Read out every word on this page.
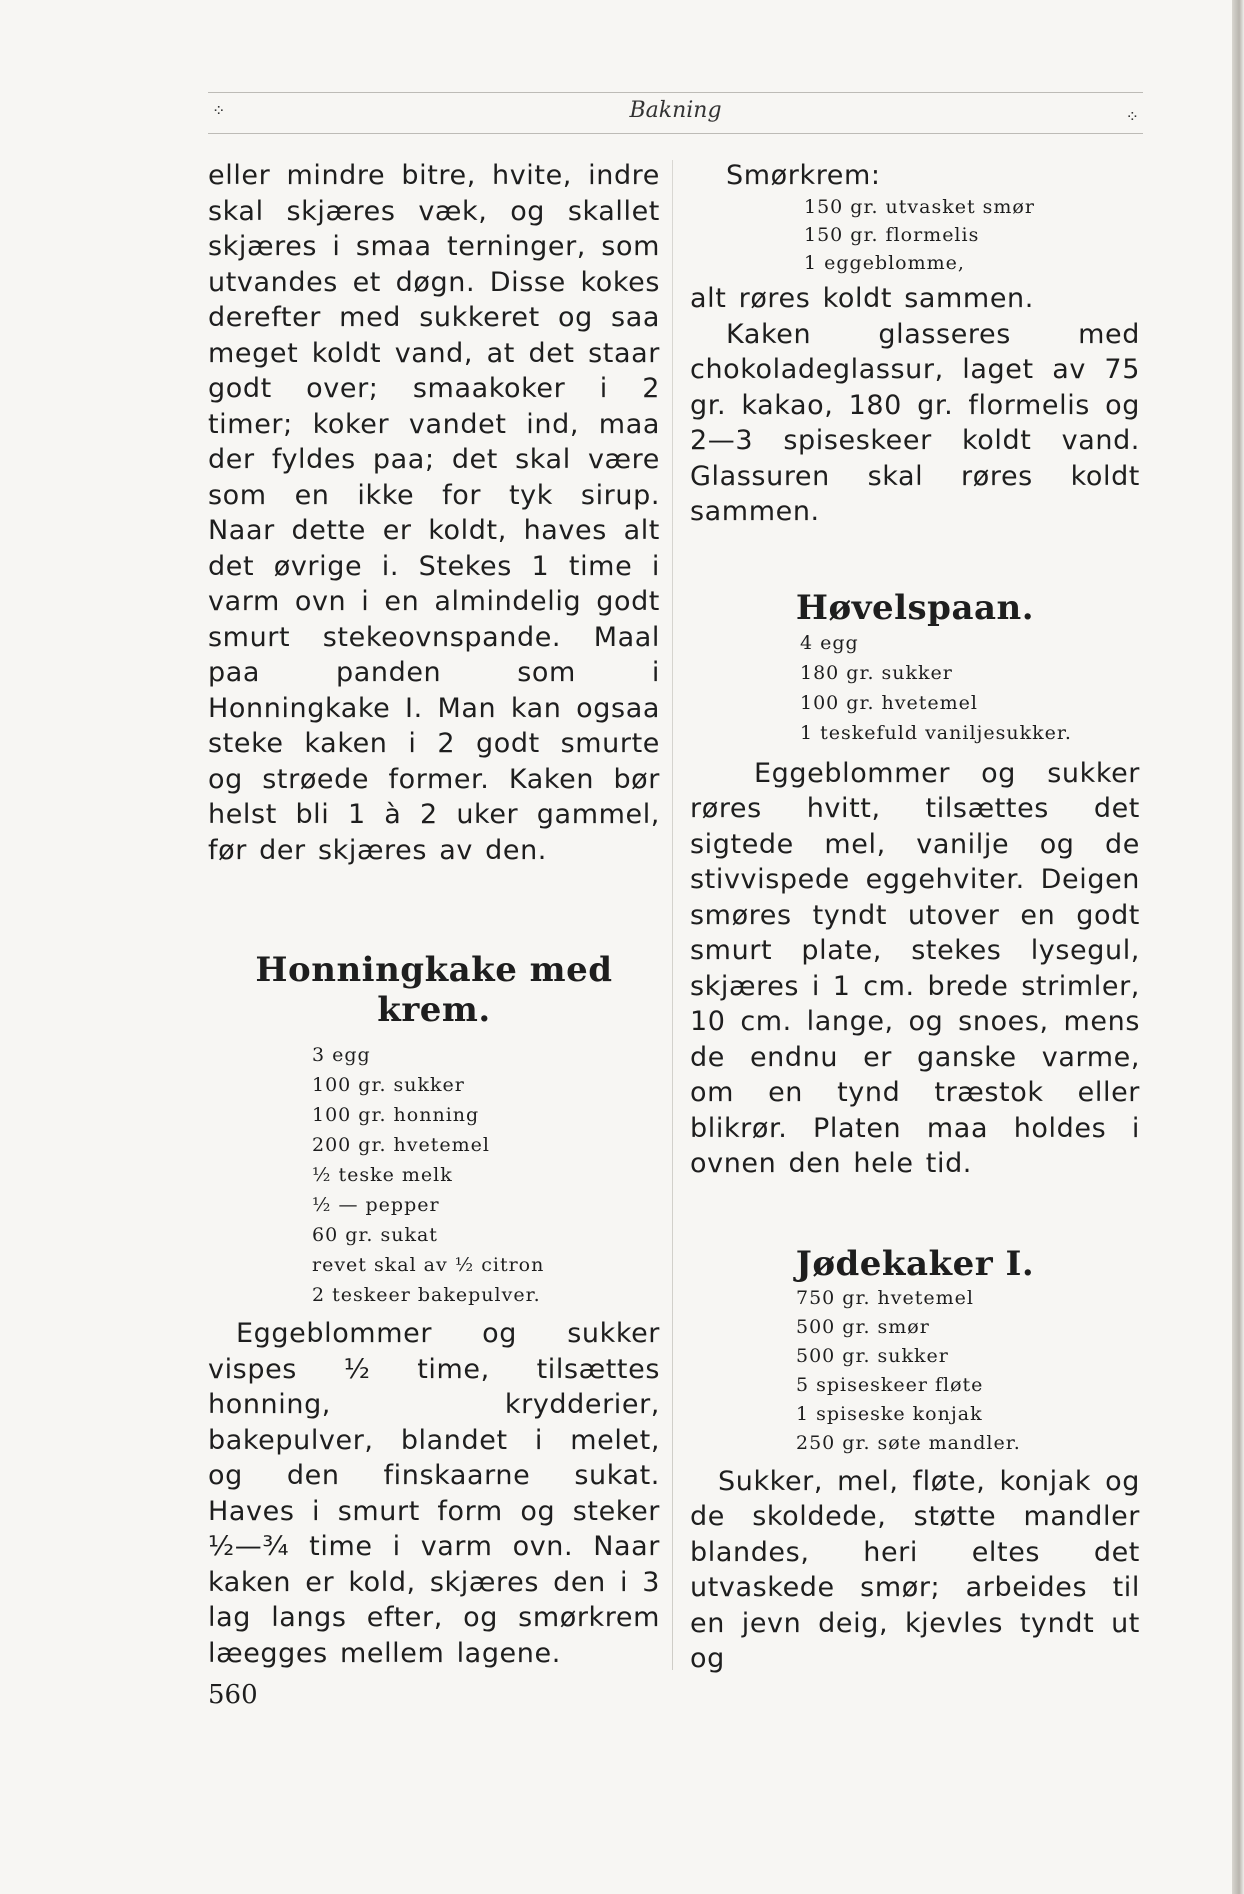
⁘	Bakning	⁘

eller mindre bitre, hvite, indre skal skjæres væk, og skallet skjæres i smaa terninger, som utvandes et døgn. Disse kokes derefter med sukkeret og saa meget koldt vand, at det staar godt over; smaakoker i 2 timer; koker vandet ind, maa der fyldes paa; det skal være som en ikke for tyk sirup. Naar dette er koldt, haves alt det øvrige i. Stekes 1 time i varm ovn i en almindelig godt smurt stekeovnspande. Maal paa panden som i Honningkake I. Man kan ogsaa steke kaken i 2 godt smurte og strøede former. Kaken bør helst bli 1 à 2 uker gammel, før der skjæres av den.

Honningkake med krem.
3 egg
100 gr. sukker
100 gr. honning
200 gr. hvetemel
½ teske melk
½ — pepper
60 gr. sukat
revet skal av ½ citron
2 teskeer bakepulver.

Eggeblommer og sukker vispes ½ time, tilsættes honning, krydderier, bakepulver, blandet i melet, og den finskaarne sukat. Haves i smurt form og steker ½—¾ time i varm ovn. Naar kaken er kold, skjæres den i 3 lag langs efter, og smørkrem læegges mellem lagene.

Smørkrem:
150 gr. utvasket smør
150 gr. flormelis
1 eggeblomme,

alt røres koldt sammen.

Kaken glasseres med chokoladeglassur, laget av 75 gr. kakao, 180 gr. flormelis og 2—3 spiseskeer koldt vand. Glassuren skal røres koldt sammen.

Høvelspaan.
4 egg
180 gr. sukker
100 gr. hvetemel
1 teskefuld vaniljesukker.

Eggeblommer og sukker røres hvitt, tilsættes det sigtede mel, vanilje og de stivvispede eggehviter. Deigen smøres tyndt utover en godt smurt plate, stekes lysegul, skjæres i 1 cm. brede strimler, 10 cm. lange, og snoes, mens de endnu er ganske varme, om en tynd træstok eller blikrør. Platen maa holdes i ovnen den hele tid.

Jødekaker I.
750 gr. hvetemel
500 gr. smør
500 gr. sukker
5 spiseskeer fløte
1 spiseske konjak
250 gr. søte mandler.

Sukker, mel, fløte, konjak og de skoldede, støtte mandler blandes, heri eltes det utvaskede smør; arbeides til en jevn deig, kjevles tyndt ut og

560
